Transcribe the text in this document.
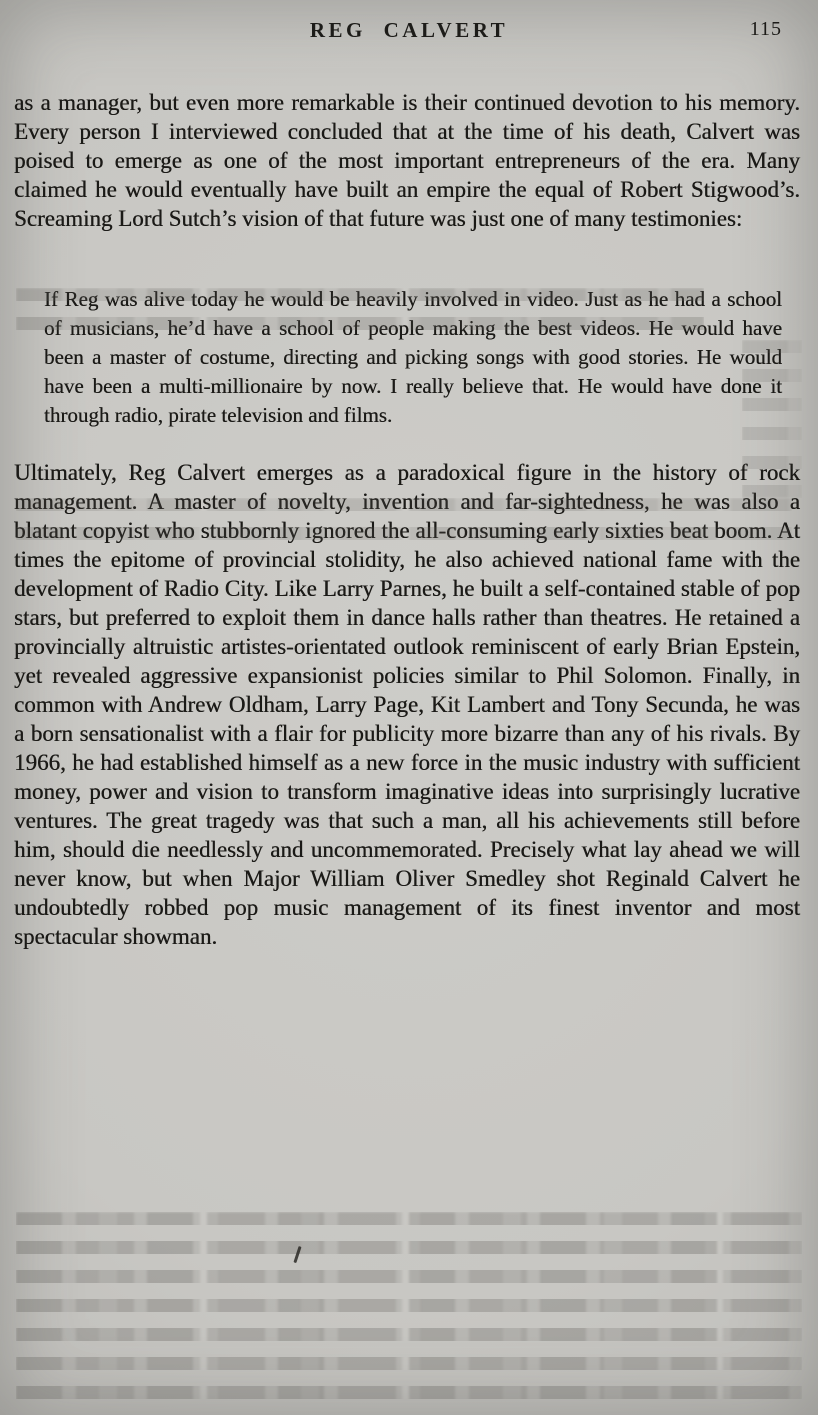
REG CALVERT	115

as a manager, but even more remarkable is their continued devotion to his memory. Every person I interviewed concluded that at the time of his death, Calvert was poised to emerge as one of the most important entrepreneurs of the era. Many claimed he would eventually have built an empire the equal of Robert Stigwood’s. Screaming Lord Sutch’s vision of that future was just one of many testimonies:

If Reg was alive today he would be heavily involved in video. Just as he had a school of musicians, he’d have a school of people making the best videos. He would have been a master of costume, directing and picking songs with good stories. He would have been a multi-millionaire by now. I really believe that. He would have done it through radio, pirate television and films.

Ultimately, Reg Calvert emerges as a paradoxical figure in the history of rock management. A master of novelty, invention and far-sightedness, he was also a blatant copyist who stubbornly ignored the all-consuming early sixties beat boom. At times the epitome of provincial stolidity, he also achieved national fame with the development of Radio City. Like Larry Parnes, he built a self-contained stable of pop stars, but preferred to exploit them in dance halls rather than theatres. He retained a provincially altruistic artistes-orientated outlook reminiscent of early Brian Epstein, yet revealed aggressive expansionist policies similar to Phil Solomon. Finally, in common with Andrew Oldham, Larry Page, Kit Lambert and Tony Secunda, he was a born sensationalist with a flair for publicity more bizarre than any of his rivals. By 1966, he had established himself as a new force in the music industry with sufficient money, power and vision to transform imaginative ideas into surprisingly lucrative ventures. The great tragedy was that such a man, all his achievements still before him, should die needlessly and uncommemorated. Precisely what lay ahead we will never know, but when Major William Oliver Smedley shot Reginald Calvert he undoubtedly robbed pop music management of its finest inventor and most spectacular showman.
